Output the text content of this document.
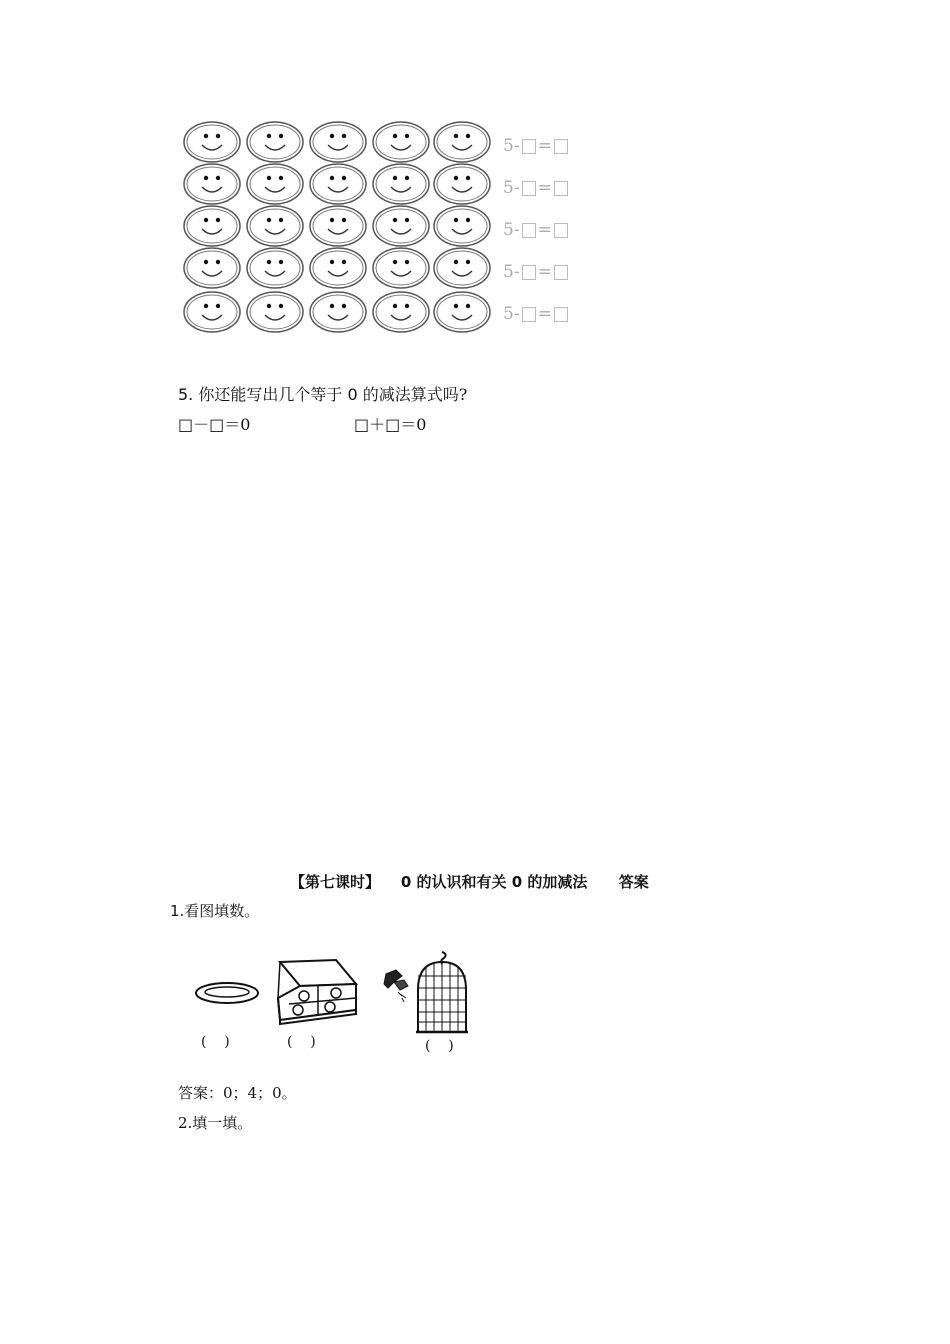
5- =
5- =
5- =
5- =
5- =
5. 你还能写出几个等于 0 的减法算式吗?
□－□＝0	□＋□＝0
【第七课时】    0 的认识和有关 0 的加减法      答案
1.看图填数。
(    )	(    )	(    )
答案：0；4；0。
2.填一填。
